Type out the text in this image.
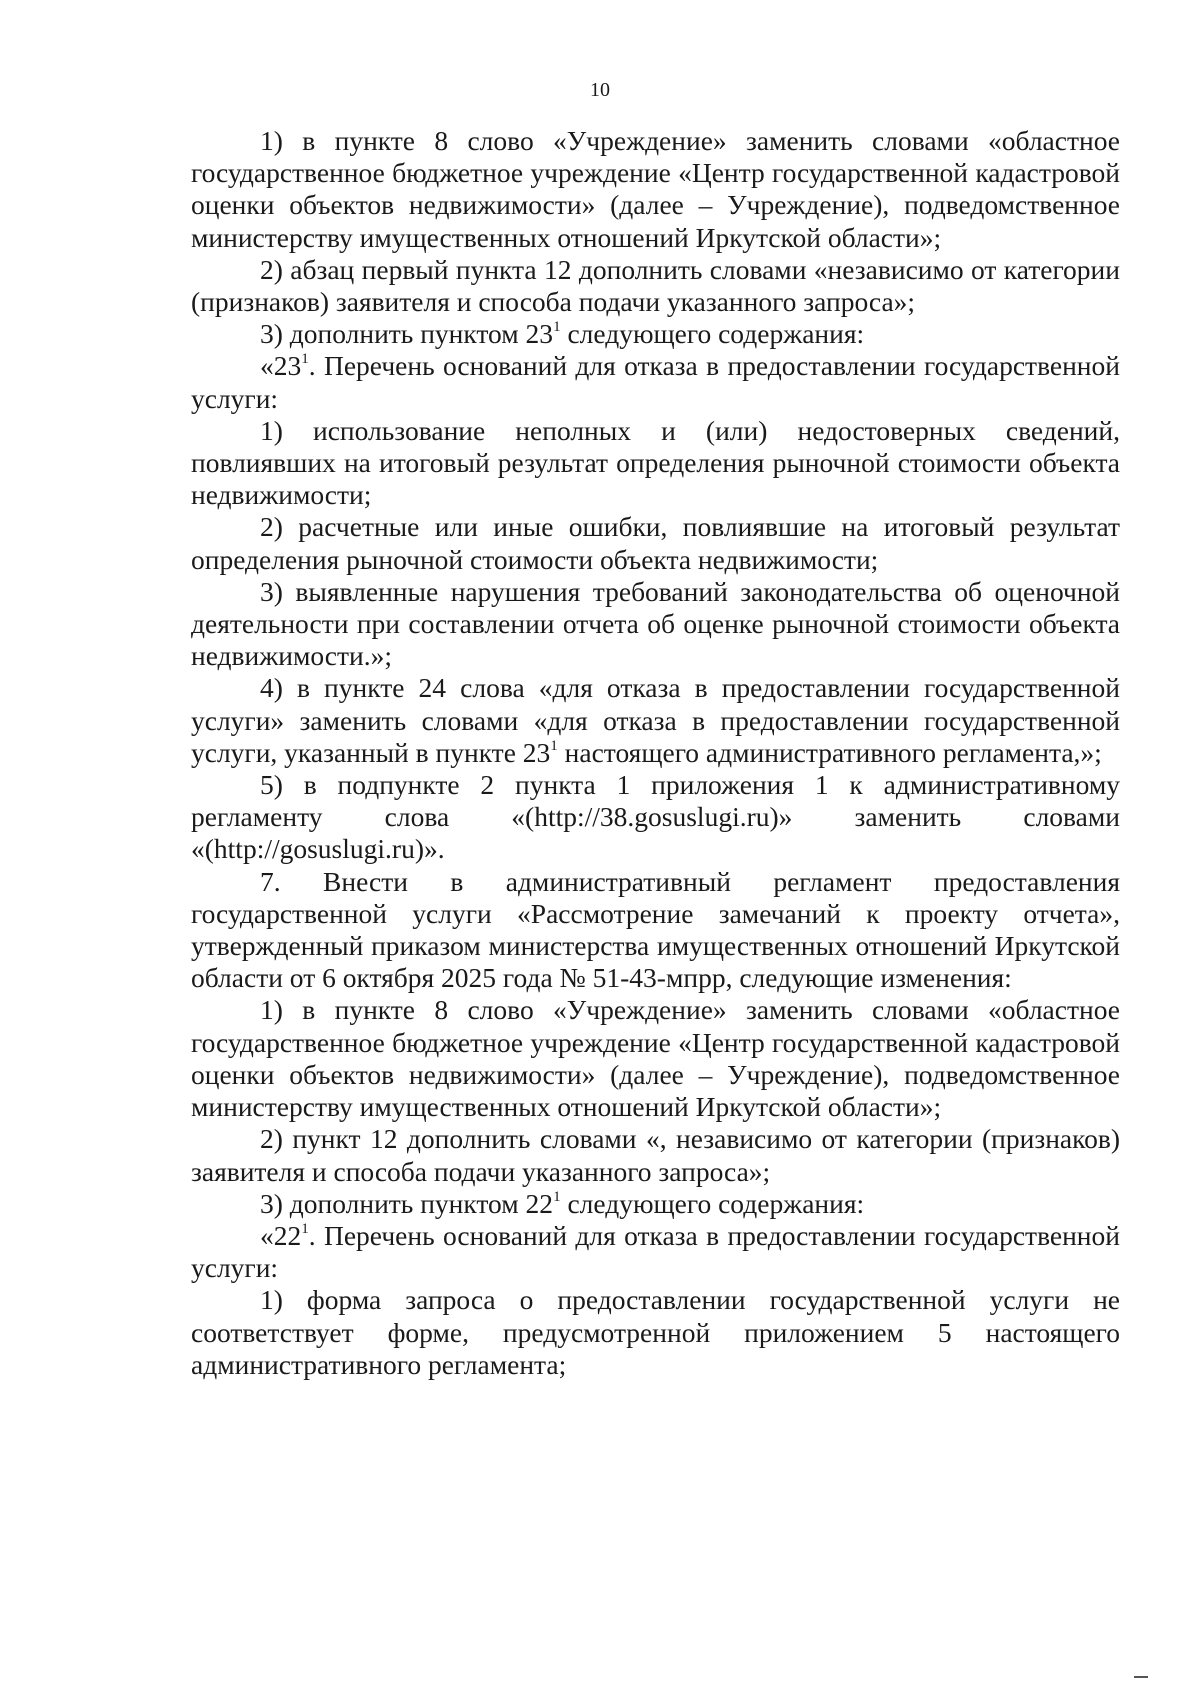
10

1) в пункте 8 слово «Учреждение» заменить словами «областное государственное бюджетное учреждение «Центр государственной кадастровой оценки объектов недвижимости» (далее – Учреждение), подведомственное министерству имущественных отношений Иркутской области»;

2) абзац первый пункта 12 дополнить словами «независимо от категории (признаков) заявителя и способа подачи указанного запроса»;

3) дополнить пунктом $23^1$ следующего содержания:

«$23^1$. Перечень оснований для отказа в предоставлении государственной услуги:

1) использование неполных и (или) недостоверных сведений, повлиявших на итоговый результат определения рыночной стоимости объекта недвижимости;

2) расчетные или иные ошибки, повлиявшие на итоговый результат определения рыночной стоимости объекта недвижимости;

3) выявленные нарушения требований законодательства об оценочной деятельности при составлении отчета об оценке рыночной стоимости объекта недвижимости.»;

4) в пункте 24 слова «для отказа в предоставлении государственной услуги» заменить словами «для отказа в предоставлении государственной услуги, указанный в пункте $23^1$ настоящего административного регламента,»;

5) в подпункте 2 пункта 1 приложения 1 к административному регламенту слова «(http://38.gosuslugi.ru)» заменить словами «(http://gosuslugi.ru)».

7. Внести в административный регламент предоставления государственной услуги «Рассмотрение замечаний к проекту отчета», утвержденный приказом министерства имущественных отношений Иркутской области от 6 октября 2025 года № 51-43-мпрр, следующие изменения:

1) в пункте 8 слово «Учреждение» заменить словами «областное государственное бюджетное учреждение «Центр государственной кадастровой оценки объектов недвижимости» (далее – Учреждение), подведомственное министерству имущественных отношений Иркутской области»;

2) пункт 12 дополнить словами «, независимо от категории (признаков) заявителя и способа подачи указанного запроса»;

3) дополнить пунктом $22^1$ следующего содержания:

«$22^1$. Перечень оснований для отказа в предоставлении государственной услуги:

1) форма запроса о предоставлении государственной услуги не соответствует форме, предусмотренной приложением 5 настоящего административного регламента;
